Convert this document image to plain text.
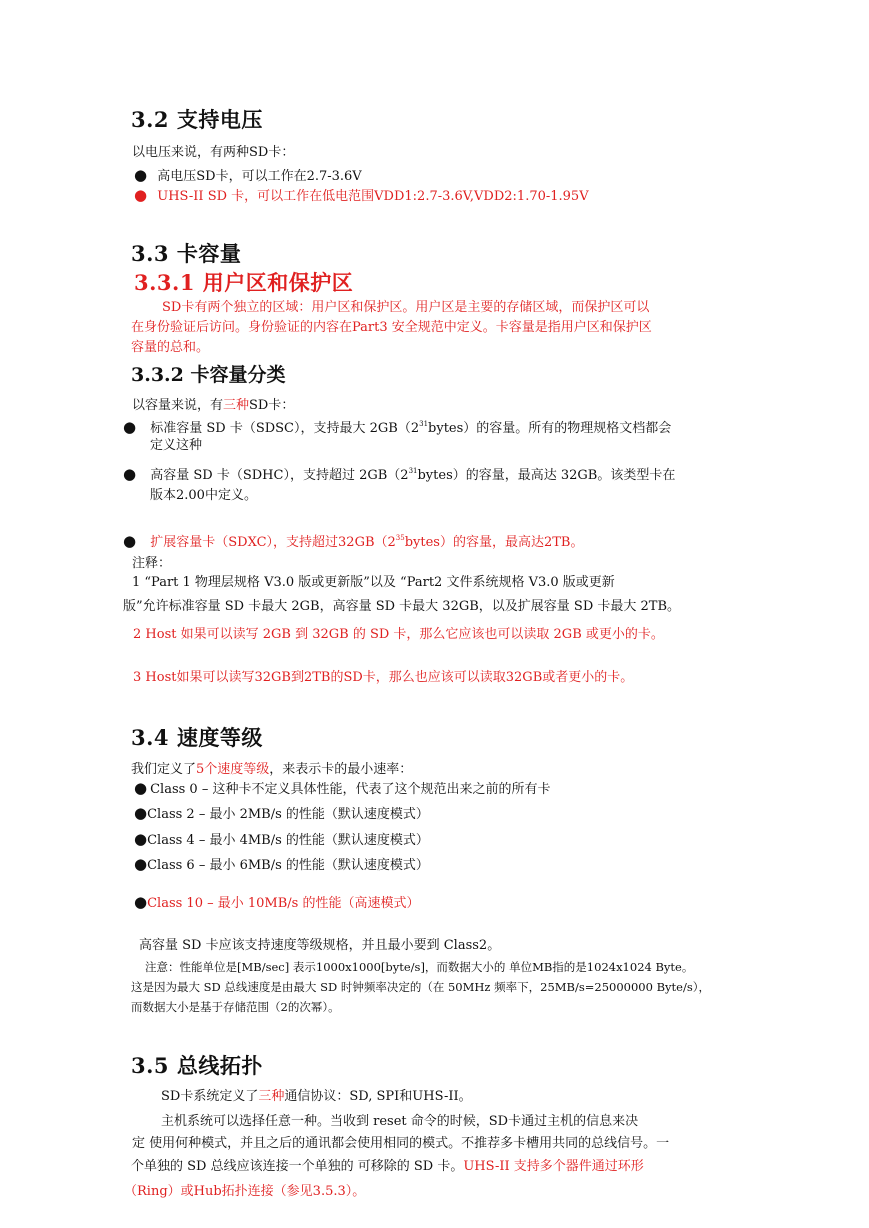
3.2 支持电压
以电压来说，有两种SD卡：
● 高电压SD卡，可以工作在2.7-3.6V
● UHS-II SD 卡，可以工作在低电范围VDD1:2.7-3.6V,VDD2:1.70-1.95V
3.3 卡容量
3.3.1 用户区和保护区
SD卡有两个独立的区域：用户区和保护区。用户区是主要的存储区域，而保护区可以
在身份验证后访问。身份验证的内容在Part3 安全规范中定义。卡容量是指用户区和保护区
容量的总和。
3.3.2 卡容量分类
以容量来说，有三种SD卡：
● 标准容量 SD 卡（SDSC），支持最大 $2GB(2^{31}bytes)$的容量。所有的物理规格文档都会
定义这种
● 高容量 SD 卡（SDHC），支持超过 $2GB(2^{31}bytes)$的容量，最高达 32GB。该类型卡在
版本2.00中定义。
● 扩展容量卡（SDXC），支持超过$32GB(2^{35}bytes)$的容量，最高达2TB。
注释：
1 “Part 1 物理层规格 V3.0 版或更新版”以及 “Part2 文件系统规格 V3.0 版或更新
版”允许标准容量 SD 卡最大 2GB，高容量 SD 卡最大 32GB，以及扩展容量 SD 卡最大 2TB。
2 Host 如果可以读写 2GB 到 32GB 的 SD 卡，那么它应该也可以读取 2GB 或更小的卡。
3 Host如果可以读写32GB到2TB的SD卡，那么也应该可以读取32GB或者更小的卡。
3.4 速度等级
我们定义了5个速度等级，来表示卡的最小速率：
● Class 0 – 这种卡不定义具体性能，代表了这个规范出来之前的所有卡
●Class 2 – 最小 2MB/s 的性能（默认速度模式）
●Class 4 – 最小 4MB/s 的性能（默认速度模式）
●Class 6 – 最小 6MB/s 的性能（默认速度模式）
●Class 10 – 最小 10MB/s 的性能（高速模式）
高容量 SD 卡应该支持速度等级规格，并且最小要到 Class2。
注意：性能单位是[MB/sec] 表示1000x1000[byte/s]，而数据大小的 单位MB指的是1024x1024 Byte。
这是因为最大 SD 总线速度是由最大 SD 时钟频率决定的（在 50MHz 频率下，25MB/s=25000000 Byte/s），
而数据大小是基于存储范围（2的次幂）。
3.5 总线拓扑
SD卡系统定义了三种通信协议：SD, SPI和UHS-II。
主机系统可以选择任意一种。当收到 reset 命令的时候，SD卡通过主机的信息来决
定 使用何种模式，并且之后的通讯都会使用相同的模式。不推荐多卡槽用共同的总线信号。一
个单独的 SD 总线应该连接一个单独的 可移除的 SD 卡。UHS-II 支持多个器件通过环形
（Ring）或Hub拓扑连接（参见3.5.3）。
